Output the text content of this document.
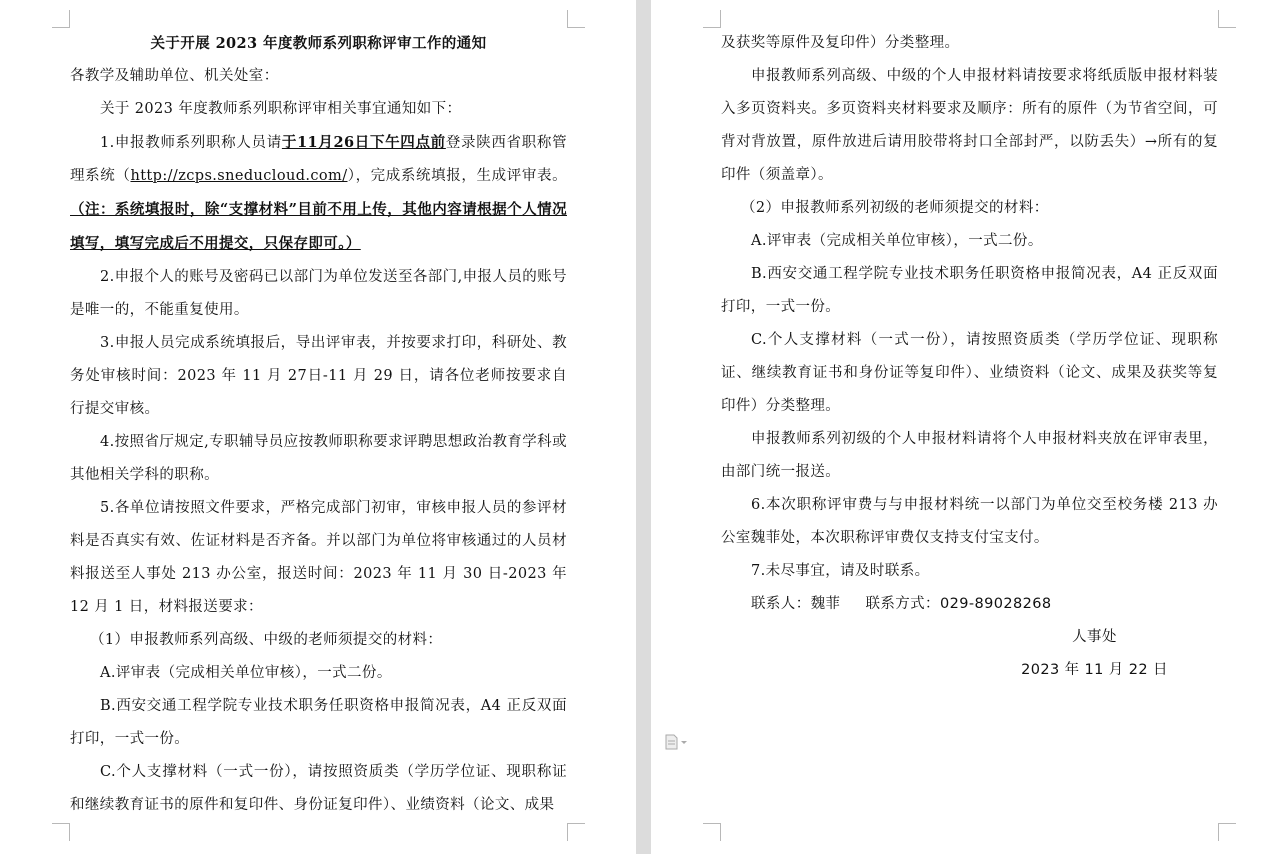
关于开展 2023 年度教师系列职称评审工作的通知
各教学及辅助单位、机关处室：
关于 2023 年度教师系列职称评审相关事宜通知如下：
1.申报教师系列职称人员请于11月26日下午四点前登录陕西省职称管理系统（http://zcps.sneducloud.com/），完成系统填报，生成评审表。（注：系统填报时，除“支撑材料”目前不用上传，其他内容请根据个人情况填写，填写完成后不用提交，只保存即可。）
2.申报个人的账号及密码已以部门为单位发送至各部门,申报人员的账号是唯一的，不能重复使用。
3.申报人员完成系统填报后，导出评审表，并按要求打印，科研处、教务处审核时间：2023 年 11 月 27日-11 月 29 日，请各位老师按要求自行提交审核。
4.按照省厅规定,专职辅导员应按教师职称要求评聘思想政治教育学科或其他相关学科的职称。
5.各单位请按照文件要求，严格完成部门初审，审核申报人员的参评材料是否真实有效、佐证材料是否齐备。并以部门为单位将审核通过的人员材料报送至人事处 213 办公室，报送时间：2023 年 11 月 30 日-2023 年 12 月 1 日，材料报送要求：
（1）申报教师系列高级、中级的老师须提交的材料：
A.评审表（完成相关单位审核），一式二份。
B.西安交通工程学院专业技术职务任职资格申报简况表，A4 正反双面打印，一式一份。
C.个人支撑材料（一式一份），请按照资质类（学历学位证、现职称证和继续教育证书的原件和复印件、身份证复印件）、业绩资料（论文、成果
及获奖等原件及复印件）分类整理。
申报教师系列高级、中级的个人申报材料请按要求将纸质版申报材料装入多页资料夹。多页资料夹材料要求及顺序：所有的原件（为节省空间，可背对背放置，原件放进后请用胶带将封口全部封严，以防丢失）→所有的复印件（须盖章）。
（2）申报教师系列初级的老师须提交的材料：
A.评审表（完成相关单位审核），一式二份。
B.西安交通工程学院专业技术职务任职资格申报简况表，A4 正反双面打印，一式一份。
C.个人支撑材料（一式一份），请按照资质类（学历学位证、现职称证、继续教育证书和身份证等复印件）、业绩资料（论文、成果及获奖等复印件）分类整理。
申报教师系列初级的个人申报材料请将个人申报材料夹放在评审表里，由部门统一报送。
6.本次职称评审费与与申报材料统一以部门为单位交至校务楼 213 办公室魏菲处，本次职称评审费仅支持支付宝支付。
7.未尽事宜，请及时联系。
联系人：魏菲     联系方式：029-89028268
人事处
2023 年 11 月 22 日
